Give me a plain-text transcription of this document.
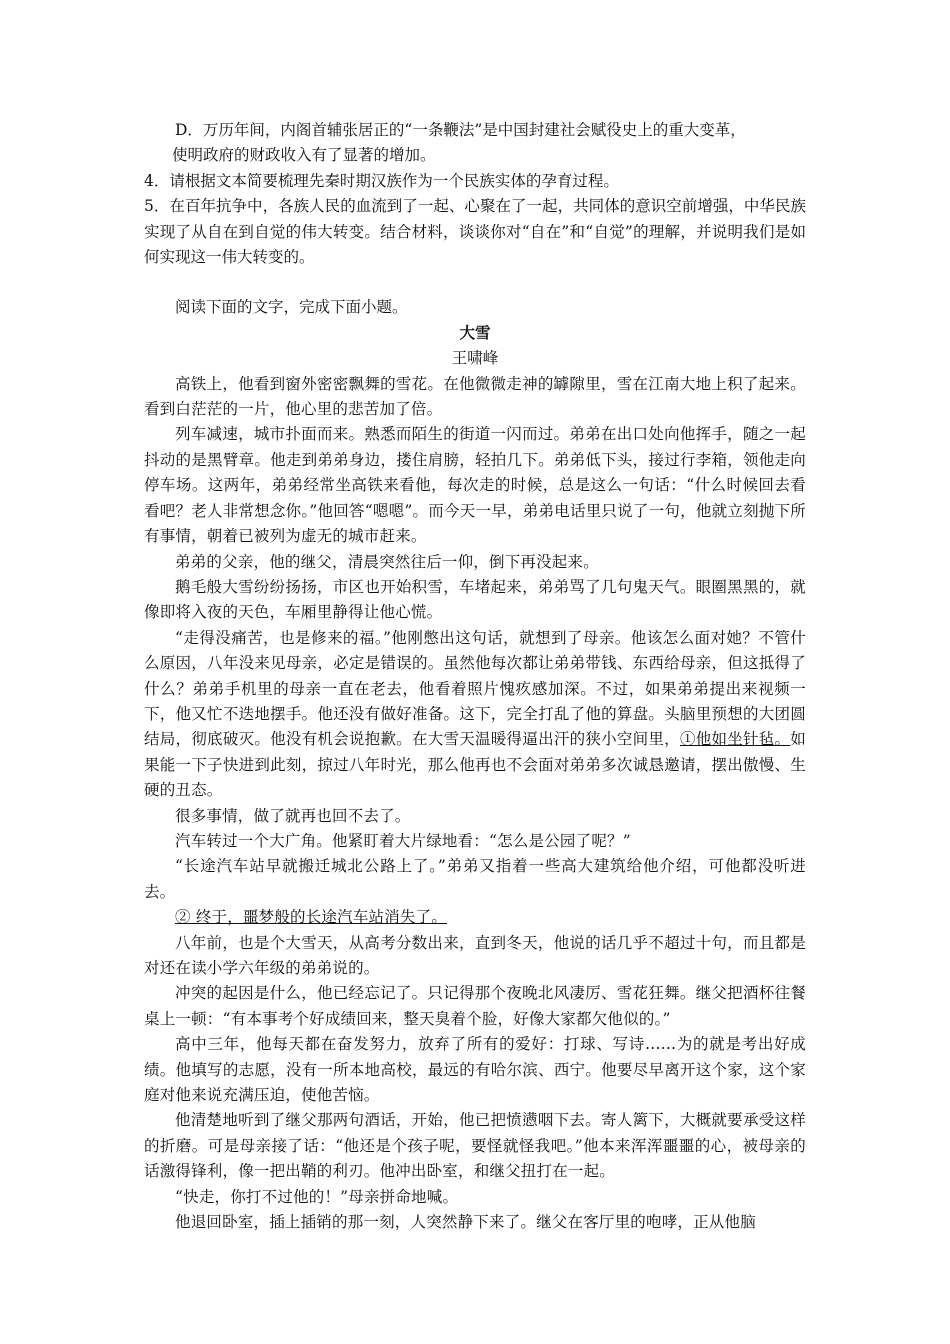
D．万历年间，内阁首辅张居正的“一条鞭法”是中国封建社会赋役史上的重大变革，

使明政府的财政收入有了显著的增加。

4．请根据文本简要梳理先秦时期汉族作为一个民族实体的孕育过程。

5．在百年抗争中，各族人民的血流到了一起、心聚在了一起，共同体的意识空前增强，中华民族实现了从自在到自觉的伟大转变。结合材料，谈谈你对“自在”和“自觉”的理解，并说明我们是如何实现这一伟大转变的。

阅读下面的文字，完成下面小题。

大雪

王啸峰

高铁上，他看到窗外密密飘舞的雪花。在他微微走神的罅隙里，雪在江南大地上积了起来。看到白茫茫的一片，他心里的悲苦加了倍。

列车减速，城市扑面而来。熟悉而陌生的街道一闪而过。弟弟在出口处向他挥手，随之一起抖动的是黑臂章。他走到弟弟身边，搂住肩膀，轻拍几下。弟弟低下头，接过行李箱，领他走向停车场。这两年，弟弟经常坐高铁来看他，每次走的时候，总是这么一句话：“什么时候回去看看吧？老人非常想念你。”他回答“嗯嗯”。而今天一早，弟弟电话里只说了一句，他就立刻抛下所有事情，朝着已被列为虚无的城市赶来。

弟弟的父亲，他的继父，清晨突然往后一仰，倒下再没起来。

鹅毛般大雪纷纷扬扬，市区也开始积雪，车堵起来，弟弟骂了几句鬼天气。眼圈黑黑的，就像即将入夜的天色，车厢里静得让他心慌。

“走得没痛苦，也是修来的福。”他刚憋出这句话，就想到了母亲。他该怎么面对她？不管什么原因，八年没来见母亲，必定是错误的。虽然他每次都让弟弟带钱、东西给母亲，但这抵得了什么？弟弟手机里的母亲一直在老去，他看着照片愧疚感加深。不过，如果弟弟提出来视频一下，他又忙不迭地摆手。他还没有做好准备。这下，完全打乱了他的算盘。头脑里预想的大团圆结局，彻底破灭。他没有机会说抱歉。在大雪天温暖得逼出汗的狭小空间里，①他如坐针毡。如果能一下子快进到此刻，掠过八年时光，那么他再也不会面对弟弟多次诚恳邀请，摆出傲慢、生硬的丑态。

很多事情，做了就再也回不去了。

汽车转过一个大广角。他紧盯着大片绿地看：“怎么是公园了呢？”

“长途汽车站早就搬迁城北公路上了。”弟弟又指着一些高大建筑给他介绍，可他都没听进去。

② 终于，噩梦般的长途汽车站消失了。

八年前，也是个大雪天，从高考分数出来，直到冬天，他说的话几乎不超过十句，而且都是对还在读小学六年级的弟弟说的。

冲突的起因是什么，他已经忘记了。只记得那个夜晚北风凄厉、雪花狂舞。继父把酒杯往餐桌上一顿：“有本事考个好成绩回来，整天臭着个脸，好像大家都欠他似的。”

高中三年，他每天都在奋发努力，放弃了所有的爱好：打球、写诗……为的就是考出好成绩。他填写的志愿，没有一所本地高校，最远的有哈尔滨、西宁。他要尽早离开这个家，这个家庭对他来说充满压迫，使他苦恼。

他清楚地听到了继父那两句酒话，开始，他已把愤懑咽下去。寄人篱下，大概就要承受这样的折磨。可是母亲接了话：“他还是个孩子呢，要怪就怪我吧。”他本来浑浑噩噩的心，被母亲的话激得锋利，像一把出鞘的利刃。他冲出卧室，和继父扭打在一起。

“快走，你打不过他的！”母亲拼命地喊。

他退回卧室，插上插销的那一刻，人突然静下来了。继父在客厅里的咆哮，正从他脑
